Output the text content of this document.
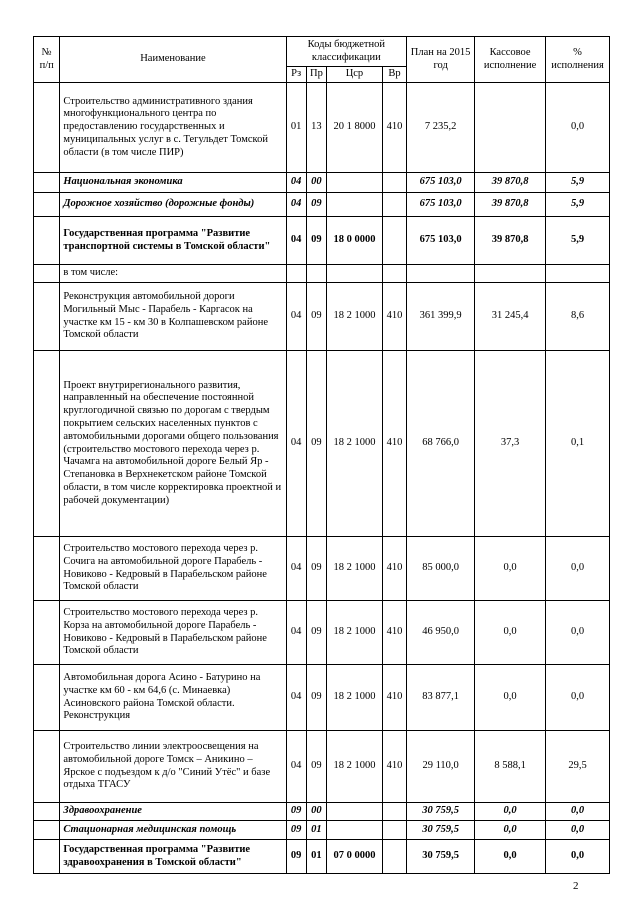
№ п/п	Наименование	Коды бюджетной классификации				План на 2015 год	Кассовое исполнение	% исполнения
		Рз	Пр	Цср	Вр			
	Строительство административного здания многофункционального центра по предоставлению государственных и муниципальных услуг в с. Тегульдет Томской области (в том числе ПИР)	01	13	20 1 8000	410	7 235,2		0,0
	Национальная экономика	04	00			675 103,0	39 870,8	5,9
	Дорожное хозяйство (дорожные фонды)	04	09			675 103,0	39 870,8	5,9
	Государственная программа "Развитие транспортной системы в Томской области"	04	09	18 0 0000		675 103,0	39 870,8	5,9
	в том числе:							
	Реконструкция автомобильной дороги Могильный Мыс - Парабель - Каргасок на участке км 15 - км 30 в Колпашевском районе Томской области	04	09	18 2 1000	410	361 399,9	31 245,4	8,6
	Проект внутрирегионального развития, направленный на обеспечение постоянной круглогодичной связью по дорогам с твердым покрытием сельских населенных пунктов с автомобильными дорогами общего пользования (строительство мостового перехода через р. Чачамга на автомобильной дороге Белый Яр - Степановка в Верхнекетском районе Томской области, в том числе корректировка проектной и рабочей документации)	04	09	18 2 1000	410	68 766,0	37,3	0,1
	Строительство мостового перехода через р. Сочига на автомобильной дороге Парабель - Новиково - Кедровый в Парабельском районе Томской области	04	09	18 2 1000	410	85 000,0	0,0	0,0
	Строительство мостового перехода через р. Корза на автомобильной дороге Парабель - Новиково - Кедровый в Парабельском районе Томской области	04	09	18 2 1000	410	46 950,0	0,0	0,0
	Автомобильная дорога Асино - Батурино на участке км 60 - км 64,6 (с. Минаевка) Асиновского района Томской области. Реконструкция	04	09	18 2 1000	410	83 877,1	0,0	0,0
	Строительство линии электроосвещения на автомобильной дороге Томск – Аникино – Ярское с подъездом к д/о "Синий Утёс" и базе отдыха ТГАСУ	04	09	18 2 1000	410	29 110,0	8 588,1	29,5
	Здравоохранение	09	00			30 759,5	0,0	0,0
	Стационарная медицинская помощь	09	01			30 759,5	0,0	0,0
	Государственная программа "Развитие здравоохранения в Томской области"	09	01	07 0 0000		30 759,5	0,0	0,0
2
